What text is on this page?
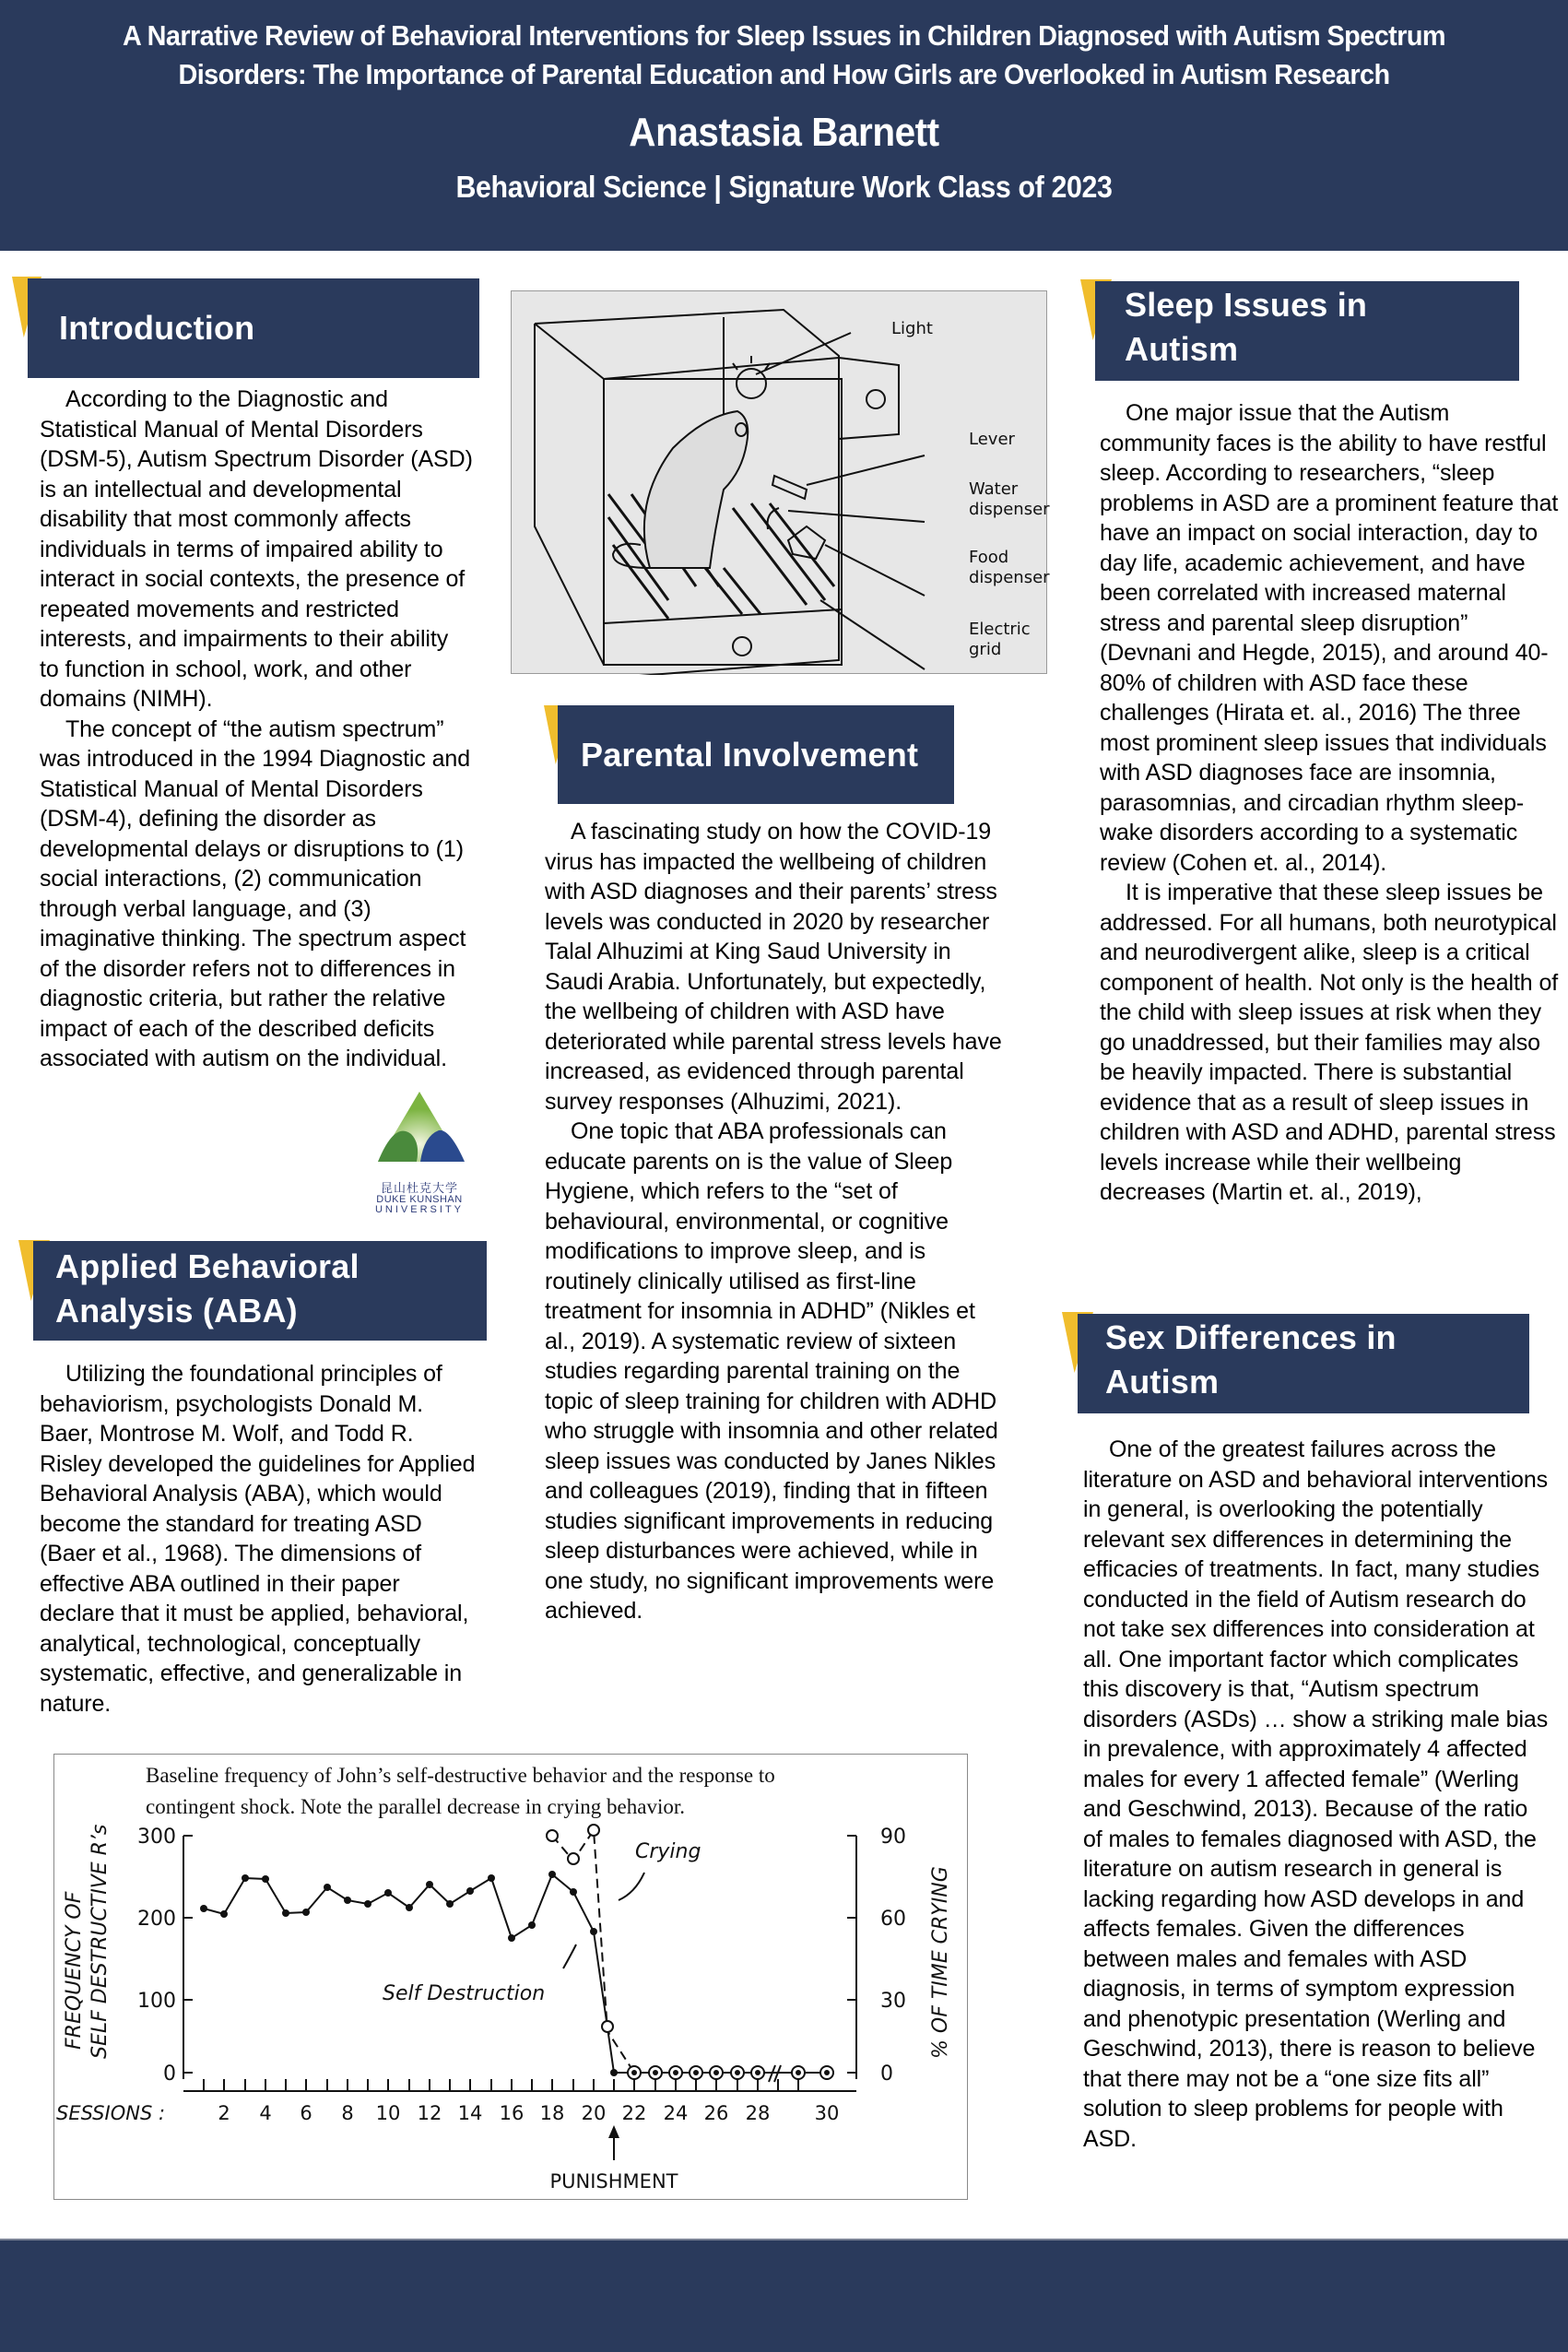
A Narrative Review of Behavioral Interventions for Sleep Issues in Children Diagnosed with Autism Spectrum Disorders: The Importance of Parental Education and How Girls are Overlooked in Autism Research
Anastasia Barnett
Behavioral Science | Signature Work Class of 2023
Introduction

According to the Diagnostic and Statistical Manual of Mental Disorders (DSM-5), Autism Spectrum Disorder (ASD) is an intellectual and developmental disability that most commonly affects individuals in terms of impaired ability to interact in social contexts, the presence of repeated movements and restricted interests, and impairments to their ability to function in school, work, and other domains (NIMH).

The concept of “the autism spectrum” was introduced in the 1994 Diagnostic and Statistical Manual of Mental Disorders (DSM-4), defining the disorder as developmental delays or disruptions to (1) social interactions, (2) communication through verbal language, and (3) imaginative thinking. The spectrum aspect of the disorder refers not to differences in diagnostic criteria, but rather the relative impact of each of the described deficits associated with autism on the individual.

昆山杜克大学
DUKE KUNSHAN
UNIVERSITY
Applied Behavioral
Analysis (ABA)

Utilizing the foundational principles of behaviorism, psychologists Donald M. Baer, Montrose M. Wolf, and Todd R. Risley developed the guidelines for Applied Behavioral Analysis (ABA), which would become the standard for treating ASD (Baer et al., 1968). The dimensions of effective ABA outlined in their paper declare that it must be applied, behavioral, analytical, technological, conceptually systematic, effective, and generalizable in nature.

Light
Lever
Water
dispenser
Food
dispenser
Electric
grid
Parental Involvement

A fascinating study on how the COVID-19 virus has impacted the wellbeing of children with ASD diagnoses and their parents’ stress levels was conducted in 2020 by researcher Talal Alhuzimi at King Saud University in Saudi Arabia. Unfortunately, but expectedly, the wellbeing of children with ASD have deteriorated while parental stress levels have increased, as evidenced through parental survey responses (Alhuzimi, 2021).

One topic that ABA professionals can educate parents on is the value of Sleep Hygiene, which refers to the “set of behavioural, environmental, or cognitive modifications to improve sleep, and is routinely clinically utilised as first-line treatment for insomnia in ADHD” (Nikles et al., 2019). A systematic review of sixteen studies regarding parental training on the topic of sleep training for children with ADHD who struggle with insomnia and other related sleep issues was conducted by Janes Nikles and colleagues (2019), finding that in fifteen studies significant improvements in reducing sleep disturbances were achieved, while in one study, no significant improvements were achieved.

Baseline frequency of John’s self-destructive behavior and the response to
contingent shock. Note the parallel decrease in crying behavior.
300
200
100
0
90
60
30
0
SESSIONS :	2 4 6 8 10 12 14 16 18 20 22 24 26 28 30
FREQUENCY OF SELF DESTRUCTIVE R’s	% OF TIME CRYING
Crying
Self Destruction
PUNISHMENT
Sleep Issues in
Autism

One major issue that the Autism community faces is the ability to have restful sleep. According to researchers, “sleep problems in ASD are a prominent feature that have an impact on social interaction, day to day life, academic achievement, and have been correlated with increased maternal stress and parental sleep disruption” (Devnani and Hegde, 2015), and around 40-80% of children with ASD face these challenges (Hirata et. al., 2016) The three most prominent sleep issues that individuals with ASD diagnoses face are insomnia, parasomnias, and circadian rhythm sleep-wake disorders according to a systematic review (Cohen et. al., 2014).

It is imperative that these sleep issues be addressed. For all humans, both neurotypical and neurodivergent alike, sleep is a critical component of health. Not only is the health of the child with sleep issues at risk when they go unaddressed, but their families may also be heavily impacted. There is substantial evidence that as a result of sleep issues in children with ASD and ADHD, parental stress levels increase while their wellbeing decreases (Martin et. al., 2019),

Sex Differences in
Autism

One of the greatest failures across the literature on ASD and behavioral interventions in general, is overlooking the potentially relevant sex differences in determining the efficacies of treatments. In fact, many studies conducted in the field of Autism research do not take sex differences into consideration at all. One important factor which complicates this discovery is that, “Autism spectrum disorders (ASDs) … show a striking male bias in prevalence, with approximately 4 affected males for every 1 affected female” (Werling and Geschwind, 2013). Because of the ratio of males to females diagnosed with ASD, the literature on autism research in general is lacking regarding how ASD develops in and affects females. Given the differences between males and females with ASD diagnosis, in terms of symptom expression and phenotypic presentation (Werling and Geschwind, 2013), there is reason to believe that there may not be a “one size fits all” solution to sleep problems for people with ASD.
